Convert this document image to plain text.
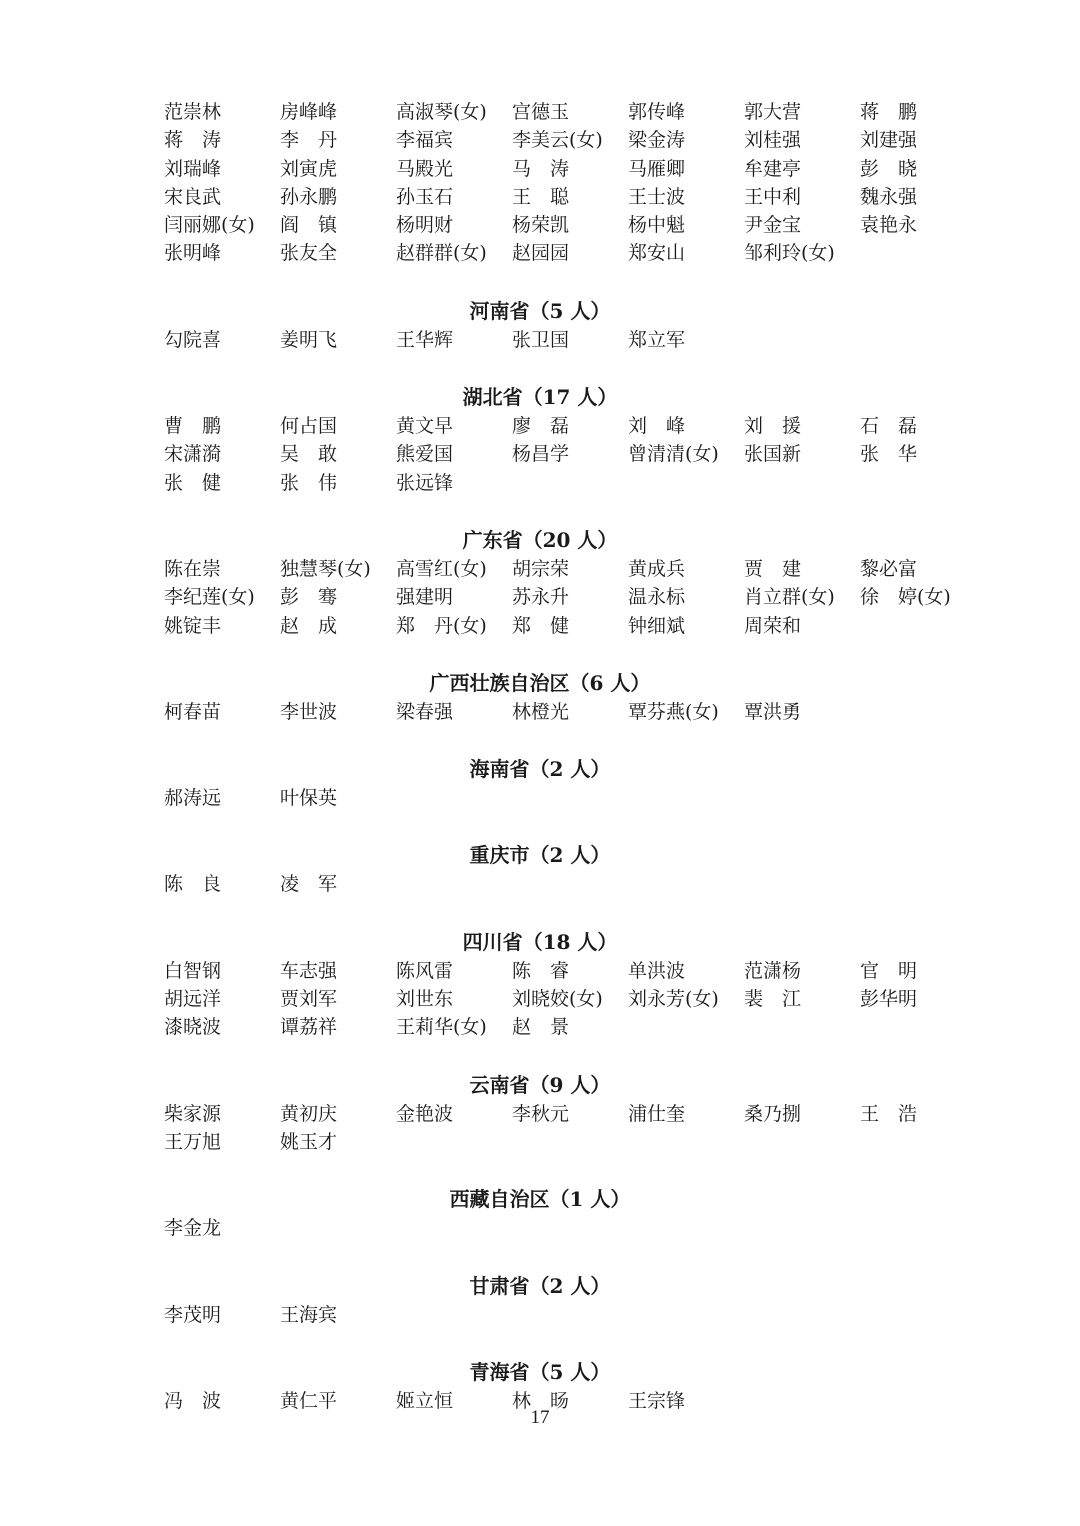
范崇林	房峰峰	高淑琴(女)	宫德玉	郭传峰	郭大营	蒋　鹏
蒋　涛	李　丹	李福宾	李美云(女)	梁金涛	刘桂强	刘建强
刘瑞峰	刘寅虎	马殿光	马　涛	马雁卿	牟建亭	彭　晓
宋良武	孙永鹏	孙玉石	王　聪	王士波	王中利	魏永强
闫丽娜(女)	阎　镇	杨明财	杨荣凯	杨中魁	尹金宝	袁艳永
张明峰	张友全	赵群群(女)	赵园园	郑安山	邹利玲(女)
河南省（5 人）
勾院喜	姜明飞	王华辉	张卫国	郑立军
湖北省（17 人）
曹　鹏	何占国	黄文早	廖　磊	刘　峰	刘　援	石　磊
宋潇漪	吴　敢	熊爱国	杨昌学	曾清清(女)	张国新	张　华
张　健	张　伟	张远锋
广东省（20 人）
陈在崇	独慧琴(女)	高雪红(女)	胡宗荣	黄成兵	贾　建	黎必富
李纪莲(女)	彭　骞	强建明	苏永升	温永标	肖立群(女)	徐　婷(女)
姚锭丰	赵　成	郑　丹(女)	郑　健	钟细斌	周荣和
广西壮族自治区（6 人）
柯春苗	李世波	梁春强	林橙光	覃芬燕(女)	覃洪勇
海南省（2 人）
郝涛远	叶保英
重庆市（2 人）
陈　良	凌　军
四川省（18 人）
白智钢	车志强	陈风雷	陈　睿	单洪波	范潇杨	官　明
胡远洋	贾刘军	刘世东	刘晓姣(女)	刘永芳(女)	裴　江	彭华明
漆晓波	谭荔祥	王莉华(女)	赵　景
云南省（9 人）
柴家源	黄初庆	金艳波	李秋元	浦仕奎	桑乃捌	王　浩
王万旭	姚玉才
西藏自治区（1 人）
李金龙
甘肃省（2 人）
李茂明	王海宾
青海省（5 人）
冯　波	黄仁平	姬立恒	林　旸	王宗锋
17
